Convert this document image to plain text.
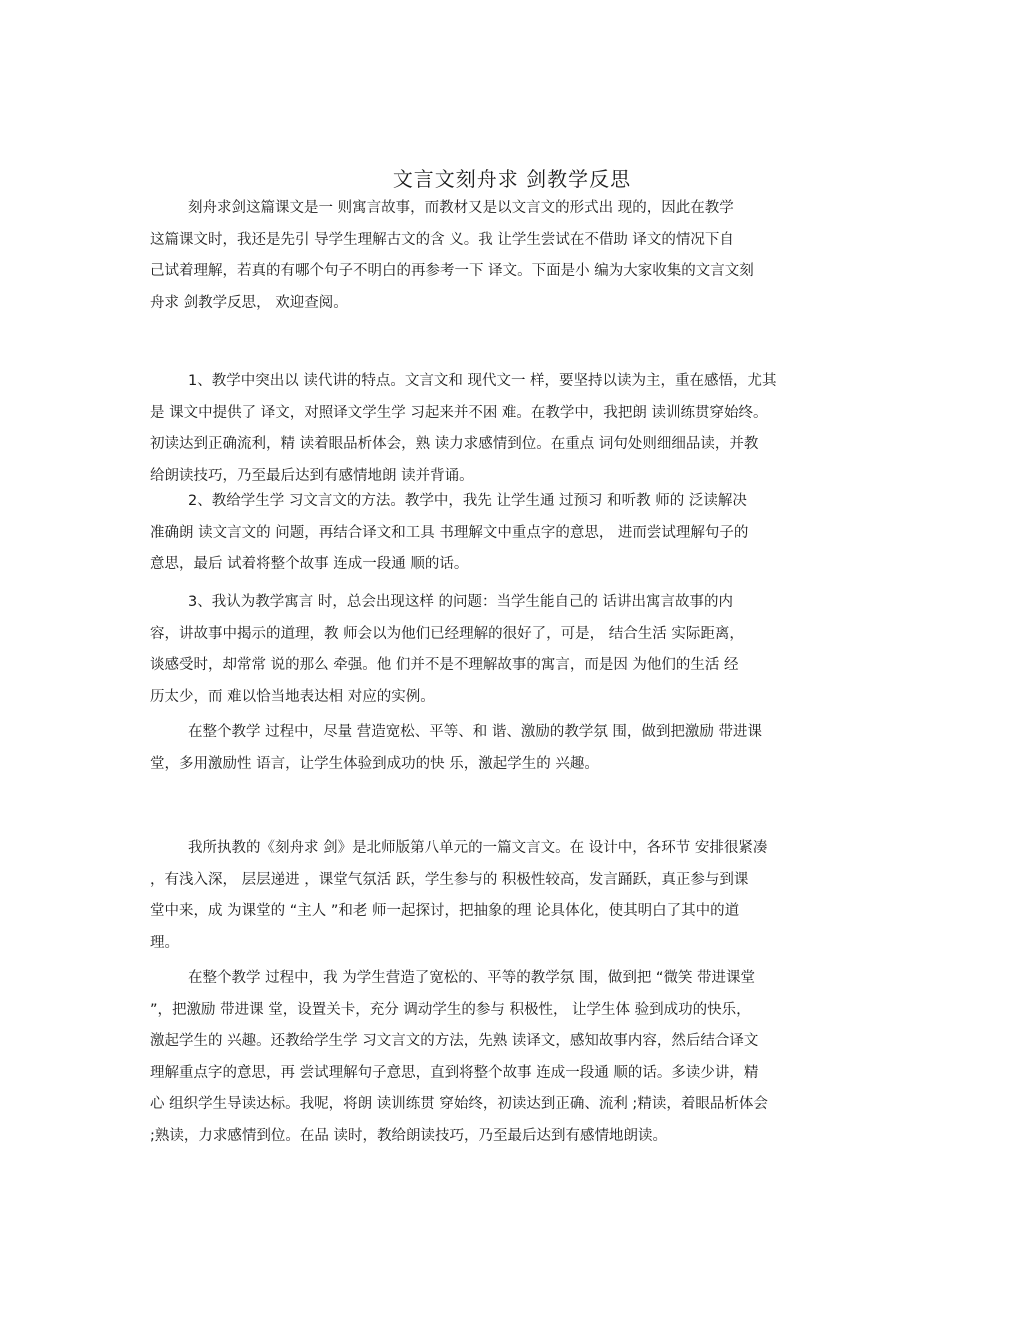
文言文刻舟求 剑教学反思
刻舟求剑这篇课文是一 则寓言故事，而教材又是以文言文的形式出 现的，因此在教学
这篇课文时，我还是先引 导学生理解古文的含 义。我 让学生尝试在不借助 译文的情况下自
己试着理解，若真的有哪个句子不明白的再参考一下 译文。下面是小 编为大家收集的文言文刻
舟求 剑教学反思， 欢迎查阅。
1、教学中突出以 读代讲的特点。文言文和 现代文一 样，要坚持以读为主，重在感悟，尤其
是 课文中提供了 译文，对照译文学生学 习起来并不困 难。在教学中，我把朗 读训练贯穿始终。
初读达到正确流利，精 读着眼品析体会，熟 读力求感情到位。在重点 词句处则细细品读，并教
给朗读技巧，乃至最后达到有感情地朗 读并背诵。
2、教给学生学 习文言文的方法。教学中，我先 让学生通 过预习 和听教 师的 泛读解决
准确朗 读文言文的 问题，再结合译文和工具 书理解文中重点字的意思， 进而尝试理解句子的
意思，最后 试着将整个故事 连成一段通 顺的话。
3、我认为教学寓言 时，总会出现这样 的问题：当学生能自己的 话讲出寓言故事的内
容，讲故事中揭示的道理，教 师会以为他们已经理解的很好了，可是， 结合生活 实际距离，
谈感受时，却常常 说的那么 牵强。他 们并不是不理解故事的寓言，而是因 为他们的生活 经
历太少，而 难以恰当地表达相 对应的实例。
在整个教学 过程中，尽量 营造宽松、平等、和 谐、激励的教学氛 围，做到把激励 带进课
堂，多用激励性 语言，让学生体验到成功的快 乐，激起学生的 兴趣。
我所执教的《刻舟求 剑》是北师版第八单元的一篇文言文。在 设计中，各环节 安排很紧凑
，有浅入深， 层层递进 ，课堂气氛活 跃，学生参与的 积极性较高，发言踊跃，真正参与到课
堂中来，成 为课堂的 “主人 ”和老 师一起探讨，把抽象的理 论具体化，使其明白了其中的道
理。
在整个教学 过程中，我 为学生营造了宽松的、平等的教学氛 围，做到把 “微笑 带进课堂
”，把激励 带进课 堂，设置关卡，充分 调动学生的参与 积极性， 让学生体 验到成功的快乐，
激起学生的 兴趣。还教给学生学 习文言文的方法，先熟 读译文，感知故事内容，然后结合译文
理解重点字的意思，再 尝试理解句子意思，直到将整个故事 连成一段通 顺的话。多读少讲，精
心 组织学生导读达标。我呢，将朗 读训练贯 穿始终，初读达到正确、流利 ;精读，着眼品析体会
;熟读，力求感情到位。在品 读时，教给朗读技巧，乃至最后达到有感情地朗读。
